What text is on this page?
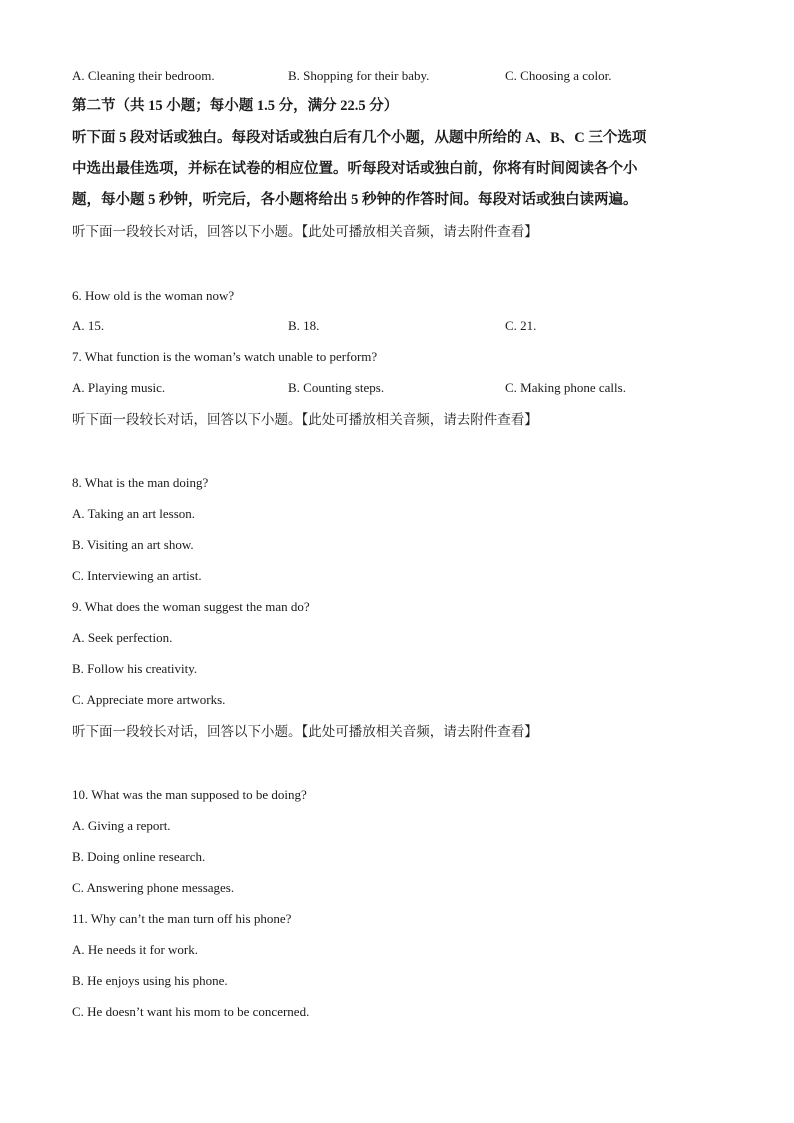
A. Cleaning their bedroom.	B. Shopping for their baby.	C. Choosing a color.
第二节（共 15 小题；每小题 1.5 分，满分 22.5 分）
听下面 5 段对话或独白。每段对话或独白后有几个小题，从题中所给的 A、B、C 三个选项
中选出最佳选项，并标在试卷的相应位置。听每段对话或独白前，你将有时间阅读各个小
题，每小题 5 秒钟，听完后，各小题将给出 5 秒钟的作答时间。每段对话或独白读两遍。
听下面一段较长对话，回答以下小题。【此处可播放相关音频，请去附件查看】
6. How old is the woman now?
A. 15.	B. 18.	C. 21.
7. What function is the woman’s watch unable to perform?
A. Playing music.	B. Counting steps.	C. Making phone calls.
听下面一段较长对话，回答以下小题。【此处可播放相关音频，请去附件查看】
8. What is the man doing?
A. Taking an art lesson.
B. Visiting an art show.
C. Interviewing an artist.
9. What does the woman suggest the man do?
A. Seek perfection.
B. Follow his creativity.
C. Appreciate more artworks.
听下面一段较长对话，回答以下小题。【此处可播放相关音频，请去附件查看】
10. What was the man supposed to be doing?
A. Giving a report.
B. Doing online research.
C. Answering phone messages.
11. Why can’t the man turn off his phone?
A. He needs it for work.
B. He enjoys using his phone.
C. He doesn’t want his mom to be concerned.
